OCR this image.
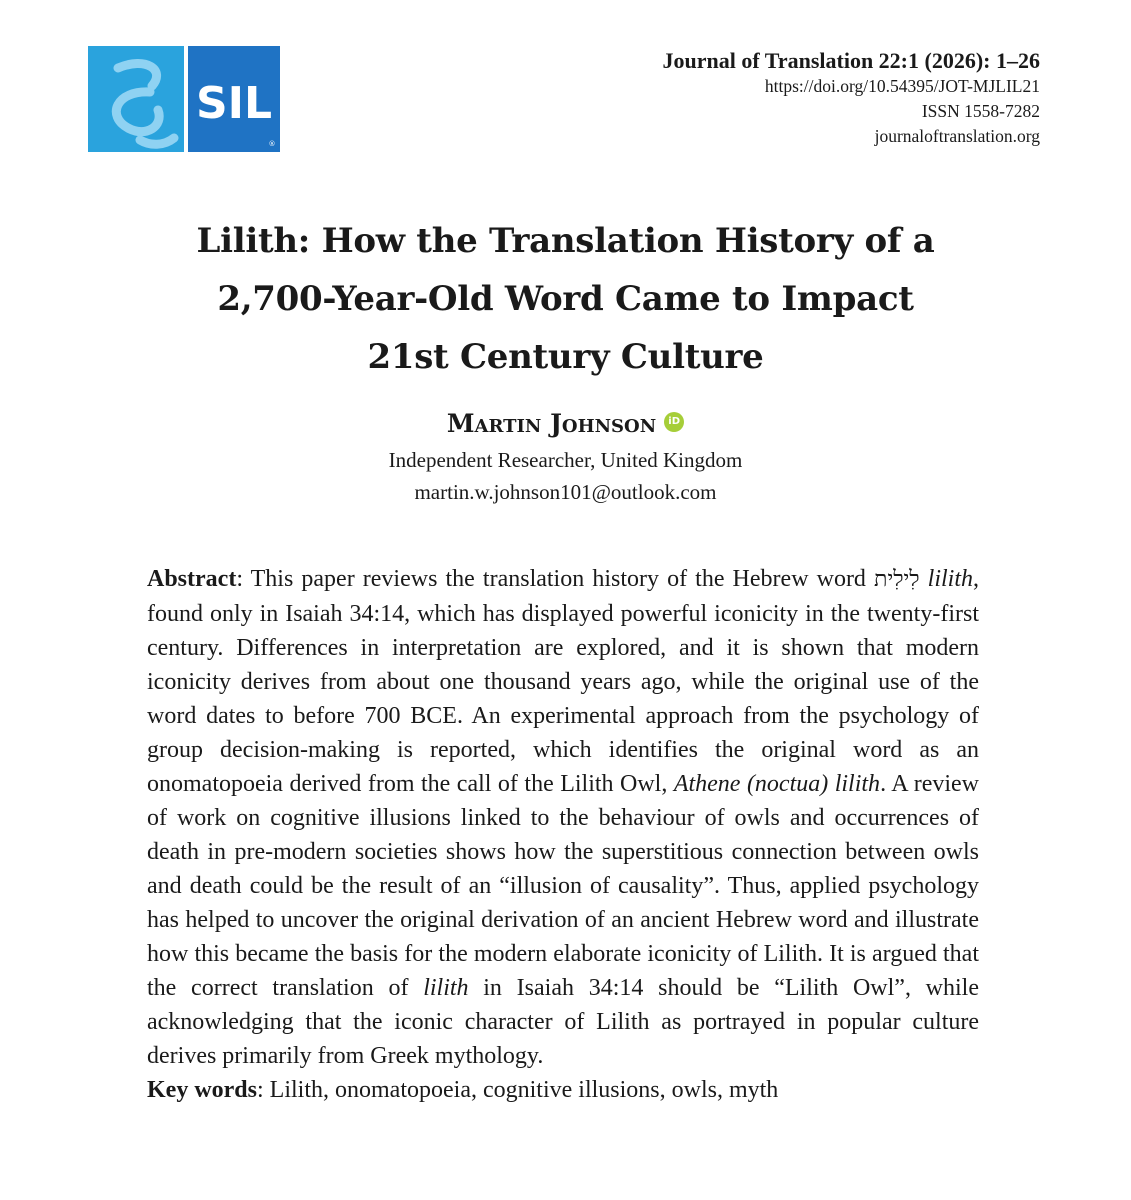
SIL
®
Journal of Translation 22:1 (2026): 1–26
https://doi.org/10.54395/JOT-MJLIL21
ISSN 1558-7282
journaloftranslation.org
Lilith: How the Translation History of a
2,700-Year-Old Word Came to Impact
21st Century Culture
Martin Johnson	iD
Independent Researcher, United Kingdom
martin.w.johnson101@outlook.com

Abstract: This paper reviews the translation history of the Hebrew word לִילִית lilith, found only in Isaiah 34:14, which has displayed powerful iconicity in the twenty-first century. Differences in interpretation are explored, and it is shown that modern iconicity derives from about one thousand years ago, while the original use of the word dates to before 700 BCE. An experimental approach from the psychology of group decision-making is reported, which identifies the original word as an onomatopoeia derived from the call of the Lilith Owl, Athene (noctua) lilith. A review of work on cognitive illusions linked to the behaviour of owls and occurrences of death in pre-modern societies shows how the superstitious connection between owls and death could be the result of an “illusion of causality”. Thus, applied psychology has helped to uncover the original derivation of an ancient Hebrew word and illustrate how this became the basis for the modern elaborate iconicity of Lilith. It is argued that the correct translation of lilith in Isaiah 34:14 should be “Lilith Owl”, while acknowledging that the iconic character of Lilith as portrayed in popular culture derives primarily from Greek mythology.

Key words: Lilith, onomatopoeia, cognitive illusions, owls, myth
